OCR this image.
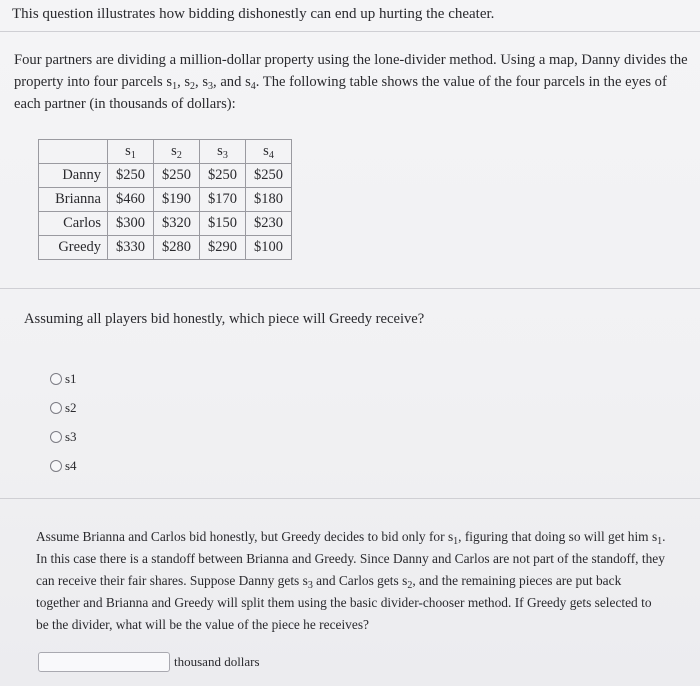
This question illustrates how bidding dishonestly can end up hurting the cheater.

Four partners are dividing a million-dollar property using the lone-divider method. Using a map, Danny divides the property into four parcels $s_1$, $s_2$, $s_3$, and $s_4$. The following table shows the value of the four parcels in the eyes of each partner (in thousands of dollars):

	$s_1$	$s_2$	$s_3$	$s_4$
Danny	$250	$250	$250	$250
Brianna	$460	$190	$170	$180
Carlos	$300	$320	$150	$230
Greedy	$330	$280	$290	$100

Assuming all players bid honestly, which piece will Greedy receive?

s1
s2
s3
s4

Assume Brianna and Carlos bid honestly, but Greedy decides to bid only for $s_1$, figuring that doing so will get him $s_1$. In this case there is a standoff between Brianna and Greedy. Since Danny and Carlos are not part of the standoff, they can receive their fair shares. Suppose Danny gets $s_3$ and Carlos gets $s_2$, and the remaining pieces are put back together and Brianna and Greedy will split them using the basic divider-chooser method. If Greedy gets selected to be the divider, what will be the value of the piece he receives?

thousand dollars
